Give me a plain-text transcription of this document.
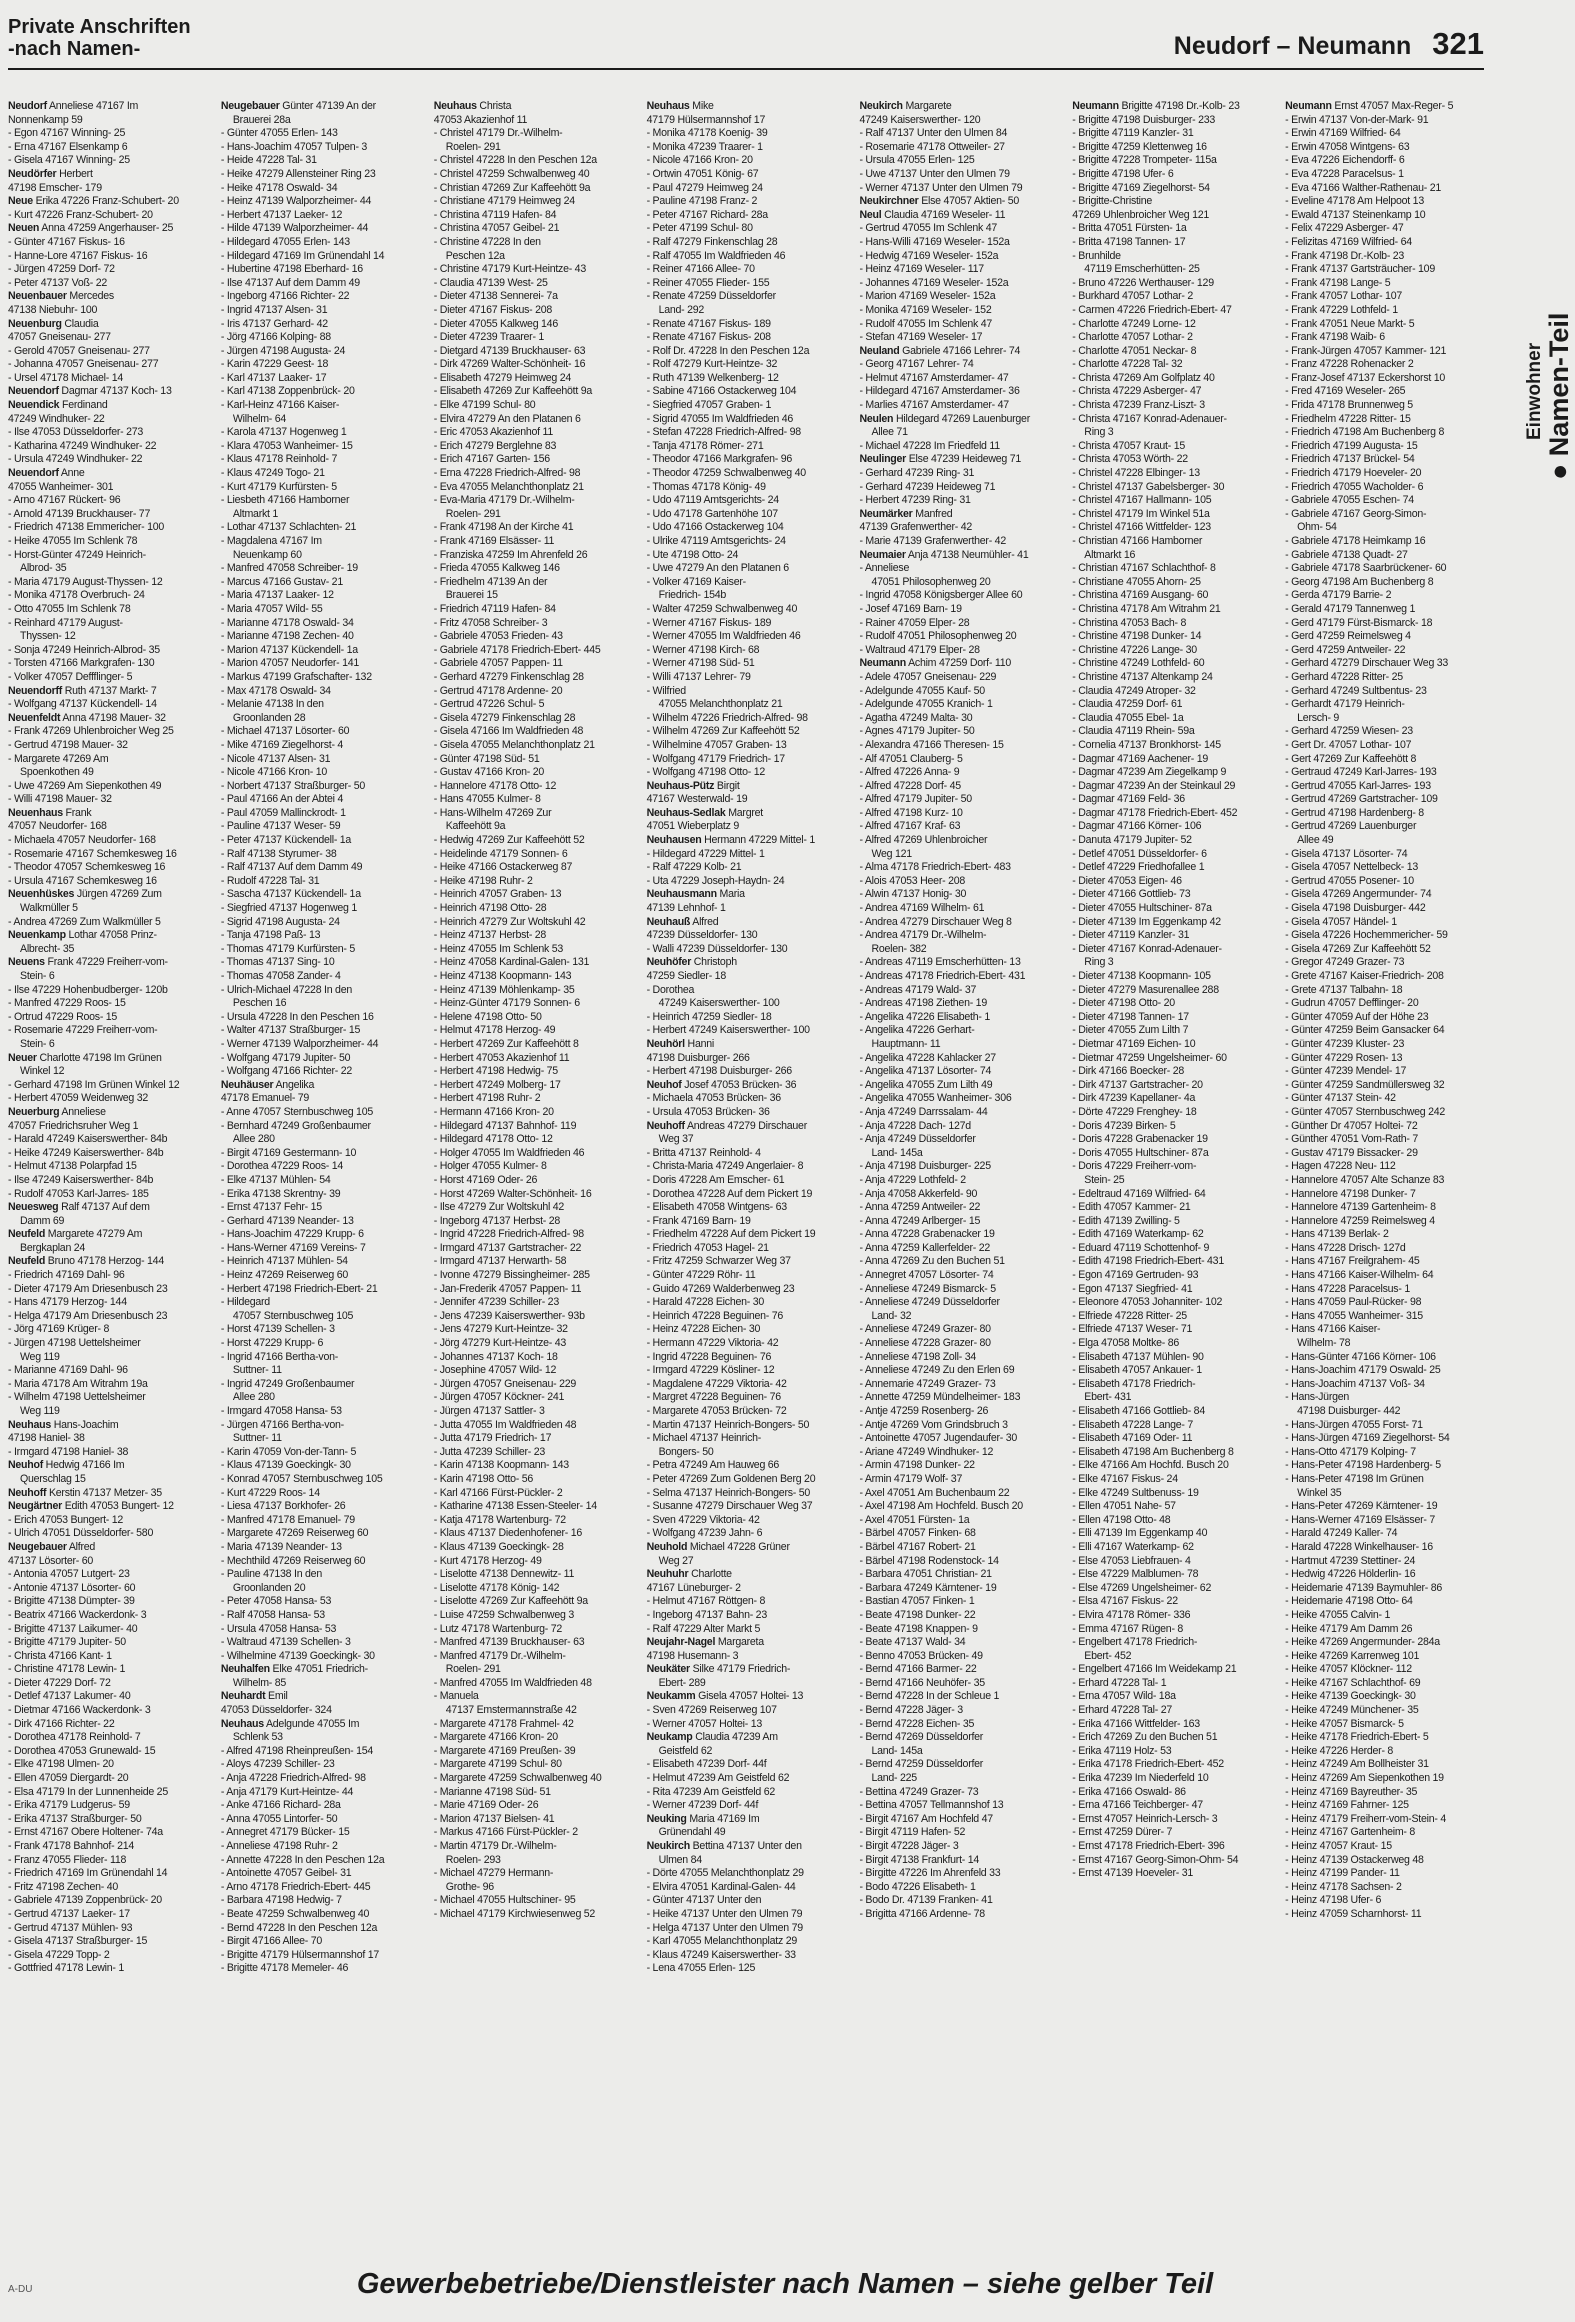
Private Anschriften
-nach Namen-	Neudorf – Neumann 321
Einwohner ● Namen-Teil
Neudorf Anneliese 47167 Im
Nonnenkamp 59
- Egon 47167 Winning- 25
- Erna 47167 Elsenkamp 6
- Gisela 47167 Winning- 25
Neudörfer Herbert
47198 Emscher- 179
Neue Erika 47226 Franz-Schubert- 20
- Kurt 47226 Franz-Schubert- 20
Neuen Anna 47259 Angerhauser- 25
- Günter 47167 Fiskus- 16
- Hanne-Lore 47167 Fiskus- 16
- Jürgen 47259 Dorf- 72
- Peter 47137 Voß- 22
Neuenbauer Mercedes
47138 Niebuhr- 100
Neuenburg Claudia
47057 Gneisenau- 277
- Gerold 47057 Gneisenau- 277
- Johanna 47057 Gneisenau- 277
- Ursel 47178 Michael- 14
Neuendorf Dagmar 47137 Koch- 13
Neuendick Ferdinand
47249 Windhuker- 22
- Ilse 47053 Düsseldorfer- 273
- Katharina 47249 Windhuker- 22
- Ursula 47249 Windhuker- 22
Neuendorf Anne
47055 Wanheimer- 301
- Arno 47167 Rückert- 96
- Arnold 47139 Bruckhauser- 77
- Friedrich 47138 Emmericher- 100
- Heike 47055 Im Schlenk 78
- Horst-Günter 47249 Heinrich-
Albrod- 35
- Maria 47179 August-Thyssen- 12
- Monika 47178 Overbruch- 24
- Otto 47055 Im Schlenk 78
- Reinhard 47179 August-
Thyssen- 12
- Sonja 47249 Heinrich-Albrod- 35
- Torsten 47166 Markgrafen- 130
- Volker 47057 Deffflinger- 5
Neuendorff Ruth 47137 Markt- 7
- Wolfgang 47137 Kückendell- 14
Neuenfeldt Anna 47198 Mauer- 32
- Frank 47269 Uhlenbroicher Weg 25
- Gertrud 47198 Mauer- 32
- Margarete 47269 Am
Spoenkothen 49
- Uwe 47269 Am Siepenkothen 49
- Willi 47198 Mauer- 32
Neuenhaus Frank
47057 Neudorfer- 168
- Michaela 47057 Neudorfer- 168
- Rosemarie 47167 Schemkesweg 16
- Theodor 47057 Schemkesweg 16
- Ursula 47167 Schemkesweg 16
Neuenhüskes Jürgen 47269 Zum
Walkmüller 5
- Andrea 47269 Zum Walkmüller 5
Neuenkamp Lothar 47058 Prinz-
Albrecht- 35
Neuens Frank 47229 Freiherr-vom-
Stein- 6
- Ilse 47229 Hohenbudberger- 120b
- Manfred 47229 Roos- 15
- Ortrud 47229 Roos- 15
- Rosemarie 47229 Freiherr-vom-
Stein- 6
Neuer Charlotte 47198 Im Grünen
Winkel 12
- Gerhard 47198 Im Grünen Winkel 12
- Herbert 47059 Weidenweg 32
Neuerburg Anneliese
47057 Friedrichsruher Weg 1
- Harald 47249 Kaiserswerther- 84b
- Heike 47249 Kaiserswerther- 84b
- Helmut 47138 Polarpfad 15
- Ilse 47249 Kaiserswerther- 84b
- Rudolf 47053 Karl-Jarres- 185
Neuesweg Ralf 47137 Auf dem
Damm 69
Neufeld Margarete 47279 Am
Bergkaplan 24
Neufeld Bruno 47178 Herzog- 144
- Friedrich 47169 Dahl- 96
- Dieter 47179 Am Driesenbusch 23
- Hans 47179 Herzog- 144
- Helga 47179 Am Driesenbusch 23
- Jörg 47169 Krüger- 8
- Jürgen 47198 Uettelsheimer
Weg 119
- Marianne 47169 Dahl- 96
- Maria 47178 Am Witrahm 19a
- Wilhelm 47198 Uettelsheimer
Weg 119
Neuhaus Hans-Joachim
47198 Haniel- 38
- Irmgard 47198 Haniel- 38
Neuhof Hedwig 47166 Im
Querschlag 15
Neuhoff Kerstin 47137 Metzer- 35
Neugärtner Edith 47053 Bungert- 12
- Erich 47053 Bungert- 12
- Ulrich 47051 Düsseldorfer- 580
Neugebauer Alfred
47137 Lösorter- 60
- Antonia 47057 Lutgert- 23
- Antonie 47137 Lösorter- 60
- Brigitte 47138 Dümpter- 39
- Beatrix 47166 Wackerdonk- 3
- Brigitte 47137 Laikumer- 40
- Brigitte 47179 Jupiter- 50
- Christa 47166 Kant- 1
- Christine 47178 Lewin- 1
- Dieter 47229 Dorf- 72
- Detlef 47137 Lakumer- 40
- Dietmar 47166 Wackerdonk- 3
- Dirk 47166 Richter- 22
- Dorothea 47178 Reinhold- 7
- Dorothea 47053 Grunewald- 15
- Elke 47198 Ulmen- 20
- Ellen 47059 Diergardt- 20
- Elsa 47179 In der Lunnenheide 25
- Erika 47179 Ludgerus- 59
- Erika 47137 Straßburger- 50
- Ernst 47167 Obere Holtener- 74a
- Frank 47178 Bahnhof- 214
- Franz 47055 Flieder- 118
- Friedrich 47169 Im Grünendahl 14
- Fritz 47198 Zechen- 40
- Gabriele 47139 Zoppenbrück- 20
- Gertrud 47137 Laeker- 17
- Gertrud 47137 Mühlen- 93
- Gisela 47137 Straßburger- 15
- Gisela 47229 Topp- 2
- Gottfried 47178 Lewin- 1
Neugebauer Günter 47139 An der
Brauerei 28a
- Günter 47055 Erlen- 143
- Hans-Joachim 47057 Tulpen- 3
- Heide 47228 Tal- 31
- Heike 47279 Allensteiner Ring 23
- Heike 47178 Oswald- 34
- Heinz 47139 Walporzheimer- 44
- Herbert 47137 Laeker- 12
- Hilde 47139 Walporzheimer- 44
- Hildegard 47055 Erlen- 143
- Hildegard 47169 Im Grünendahl 14
- Hubertine 47198 Eberhard- 16
- Ilse 47137 Auf dem Damm 49
- Ingeborg 47166 Richter- 22
- Ingrid 47137 Alsen- 31
- Iris 47137 Gerhard- 42
- Jörg 47166 Kolping- 88
- Jürgen 47198 Augusta- 24
- Karin 47229 Geest- 18
- Karl 47137 Laaker- 17
- Karl 47138 Zoppenbrück- 20
- Karl-Heinz 47166 Kaiser-
Wilhelm- 64
- Karola 47137 Hogenweg 1
- Klara 47053 Wanheimer- 15
- Klaus 47178 Reinhold- 7
- Klaus 47249 Togo- 21
- Kurt 47179 Kurfürsten- 5
- Liesbeth 47166 Hamborner
Altmarkt 1
- Lothar 47137 Schlachten- 21
- Magdalena 47167 Im
Neuenkamp 60
- Manfred 47058 Schreiber- 19
- Marcus 47166 Gustav- 21
- Maria 47137 Laaker- 12
- Maria 47057 Wild- 55
- Marianne 47178 Oswald- 34
- Marianne 47198 Zechen- 40
- Marion 47137 Kückendell- 1a
- Marion 47057 Neudorfer- 141
- Markus 47199 Grafschafter- 132
- Max 47178 Oswald- 34
- Melanie 47138 In den
Groonlanden 28
- Michael 47137 Lösorter- 60
- Mike 47169 Ziegelhorst- 4
- Nicole 47137 Alsen- 31
- Nicole 47166 Kron- 10
- Norbert 47137 Straßburger- 50
- Paul 47166 An der Abtei 4
- Paul 47059 Mallinckrodt- 1
- Pauline 47137 Weser- 59
- Peter 47137 Kückendell- 1a
- Ralf 47138 Styrumer- 38
- Ralf 47137 Auf dem Damm 49
- Rudolf 47228 Tal- 31
- Sascha 47137 Kückendell- 1a
- Siegfried 47137 Hogenweg 1
- Sigrid 47198 Augusta- 24
- Tanja 47198 Paß- 13
- Thomas 47179 Kurfürsten- 5
- Thomas 47137 Sing- 10
- Thomas 47058 Zander- 4
- Ulrich-Michael 47228 In den
Peschen 16
- Ursula 47228 In den Peschen 16
- Walter 47137 Straßburger- 15
- Werner 47139 Walporzheimer- 44
- Wolfgang 47179 Jupiter- 50
- Wolfgang 47166 Richter- 22
Neuhäuser Angelika
47178 Emanuel- 79
- Anne 47057 Sternbuschweg 105
- Bernhard 47249 Großenbaumer
Allee 280
- Birgit 47169 Gestermann- 10
- Dorothea 47229 Roos- 14
- Elke 47137 Mühlen- 54
- Erika 47138 Skrentny- 39
- Ernst 47137 Fehr- 15
- Gerhard 47139 Neander- 13
- Hans-Joachim 47229 Krupp- 6
- Hans-Werner 47169 Vereins- 7
- Heinrich 47137 Mühlen- 54
- Heinz 47269 Reiserweg 60
- Herbert 47198 Friedrich-Ebert- 21
- Hildegard
47057 Sternbuschweg 105
- Horst 47139 Schellen- 3
- Horst 47229 Krupp- 6
- Ingrid 47166 Bertha-von-
Suttner- 11
- Ingrid 47249 Großenbaumer
Allee 280
- Irmgard 47058 Hansa- 53
- Jürgen 47166 Bertha-von-
Suttner- 11
- Karin 47059 Von-der-Tann- 5
- Klaus 47139 Goeckingk- 30
- Konrad 47057 Sternbuschweg 105
- Kurt 47229 Roos- 14
- Liesa 47137 Borkhofer- 26
- Manfred 47178 Emanuel- 79
- Margarete 47269 Reiserweg 60
- Maria 47139 Neander- 13
- Mechthild 47269 Reiserweg 60
- Pauline 47138 In den
Groonlanden 20
- Peter 47058 Hansa- 53
- Ralf 47058 Hansa- 53
- Ursula 47058 Hansa- 53
- Waltraud 47139 Schellen- 3
- Wilhelmine 47139 Goeckingk- 30
Neuhalfen Elke 47051 Friedrich-
Wilhelm- 85
Neuhardt Emil
47053 Düsseldorfer- 324
Neuhaus Adelgunde 47055 Im
Schlenk 53
- Alfred 47198 Rheinpreußen- 154
- Aloys 47239 Schiller- 23
- Anja 47228 Friedrich-Alfred- 98
- Anja 47179 Kurt-Heintze- 44
- Anke 47166 Richard- 28a
- Anna 47055 Lintorfer- 50
- Annegret 47179 Bücker- 15
- Anneliese 47198 Ruhr- 2
- Annette 47228 In den Peschen 12a
- Antoinette 47057 Geibel- 31
- Arno 47178 Friedrich-Ebert- 445
- Barbara 47198 Hedwig- 7
- Beate 47259 Schwalbenweg 40
- Bernd 47228 In den Peschen 12a
- Birgit 47166 Allee- 70
- Brigitte 47179 Hülsermannshof 17
- Brigitte 47178 Memeler- 46
Neuhaus Christa
47053 Akazienhof 11
- Christel 47179 Dr.-Wilhelm-
Roelen- 291
- Christel 47228 In den Peschen 12a
- Christel 47259 Schwalbenweg 40
- Christian 47269 Zur Kaffeehött 9a
- Christiane 47179 Heimweg 24
- Christina 47119 Hafen- 84
- Christina 47057 Geibel- 21
- Christine 47228 In den
Peschen 12a
- Christine 47179 Kurt-Heintze- 43
- Claudia 47139 West- 25
- Dieter 47138 Sennerei- 7a
- Dieter 47167 Fiskus- 208
- Dieter 47055 Kalkweg 146
- Dieter 47239 Traarer- 1
- Dietgard 47139 Bruckhauser- 63
- Dirk 47269 Walter-Schönheit- 16
- Elisabeth 47279 Heimweg 24
- Elisabeth 47269 Zur Kaffeehött 9a
- Elke 47199 Schul- 80
- Elvira 47279 An den Platanen 6
- Eric 47053 Akazienhof 11
- Erich 47279 Berglehne 83
- Erich 47167 Garten- 156
- Erna 47228 Friedrich-Alfred- 98
- Eva 47055 Melanchthonplatz 21
- Eva-Maria 47179 Dr.-Wilhelm-
Roelen- 291
- Frank 47198 An der Kirche 41
- Frank 47169 Elsässer- 11
- Franziska 47259 Im Ahrenfeld 26
- Frieda 47055 Kalkweg 146
- Friedhelm 47139 An der
Brauerei 15
- Friedrich 47119 Hafen- 84
- Fritz 47058 Schreiber- 3
- Gabriele 47053 Frieden- 43
- Gabriele 47178 Friedrich-Ebert- 445
- Gabriele 47057 Pappen- 11
- Gerhard 47279 Finkenschlag 28
- Gertrud 47178 Ardenne- 20
- Gertrud 47226 Schul- 5
- Gisela 47279 Finkenschlag 28
- Gisela 47166 Im Waldfrieden 48
- Gisela 47055 Melanchthonplatz 21
- Günter 47198 Süd- 51
- Gustav 47166 Kron- 20
- Hannelore 47178 Otto- 12
- Hans 47055 Kulmer- 8
- Hans-Wilhelm 47269 Zur
Kaffeehött 9a
- Hedwig 47269 Zur Kaffeehött 52
- Heidelinde 47179 Sonnen- 6
- Heike 47166 Ostackerweg 87
- Heike 47198 Ruhr- 2
- Heinrich 47057 Graben- 13
- Heinrich 47198 Otto- 28
- Heinrich 47279 Zur Woltskuhl 42
- Heinz 47137 Herbst- 28
- Heinz 47055 Im Schlenk 53
- Heinz 47058 Kardinal-Galen- 131
- Heinz 47138 Koopmann- 143
- Heinz 47139 Möhlenkamp- 35
- Heinz-Günter 47179 Sonnen- 6
- Helene 47198 Otto- 50
- Helmut 47178 Herzog- 49
- Herbert 47269 Zur Kaffeehött 8
- Herbert 47053 Akazienhof 11
- Herbert 47198 Hedwig- 75
- Herbert 47249 Molberg- 17
- Herbert 47198 Ruhr- 2
- Hermann 47166 Kron- 20
- Hildegard 47137 Bahnhof- 119
- Hildegard 47178 Otto- 12
- Holger 47055 Im Waldfrieden 46
- Holger 47055 Kulmer- 8
- Horst 47169 Oder- 26
- Horst 47269 Walter-Schönheit- 16
- Ilse 47279 Zur Woltskuhl 42
- Ingeborg 47137 Herbst- 28
- Ingrid 47228 Friedrich-Alfred- 98
- Irmgard 47137 Gartstracher- 22
- Irmgard 47137 Herwarth- 58
- Ivonne 47279 Bissingheimer- 285
- Jan-Frederik 47057 Pappen- 11
- Jennifer 47239 Schiller- 23
- Jens 47239 Kaiserswerther- 93b
- Jens 47279 Kurt-Heintze- 32
- Jörg 47279 Kurt-Heintze- 43
- Johannes 47137 Koch- 18
- Josephine 47057 Wild- 12
- Jürgen 47057 Gneisenau- 229
- Jürgen 47057 Köckner- 241
- Jürgen 47137 Sattler- 3
- Jutta 47055 Im Waldfrieden 48
- Jutta 47179 Friedrich- 17
- Jutta 47239 Schiller- 23
- Karin 47138 Koopmann- 143
- Karin 47198 Otto- 56
- Karl 47166 Fürst-Pückler- 2
- Katharine 47138 Essen-Steeler- 14
- Katja 47178 Wartenburg- 72
- Klaus 47137 Diedenhofener- 16
- Klaus 47139 Goeckingk- 28
- Kurt 47178 Herzog- 49
- Liselotte 47138 Dennewitz- 11
- Liselotte 47178 König- 142
- Liselotte 47269 Zur Kaffeehött 9a
- Luise 47259 Schwalbenweg 3
- Lutz 47178 Wartenburg- 72
- Manfred 47139 Bruckhauser- 63
- Manfred 47179 Dr.-Wilhelm-
Roelen- 291
- Manfred 47055 Im Waldfrieden 48
- Manuela
47137 Emstermannstraße 42
- Margarete 47178 Frahmel- 42
- Margarete 47166 Kron- 20
- Margarete 47169 Preußen- 39
- Margarete 47199 Schul- 80
- Margarete 47259 Schwalbenweg 40
- Marianne 47198 Süd- 51
- Marie 47169 Oder- 26
- Marion 47137 Bielsen- 41
- Markus 47166 Fürst-Pückler- 2
- Martin 47179 Dr.-Wilhelm-
Roelen- 293
- Michael 47279 Hermann-
Grothe- 96
- Michael 47055 Hultschiner- 95
- Michael 47179 Kirchwiesenweg 52
Neuhaus Mike
47179 Hülsermannshof 17
- Monika 47178 Koenig- 39
- Monika 47239 Traarer- 1
- Nicole 47166 Kron- 20
- Ortwin 47051 König- 67
- Paul 47279 Heimweg 24
- Pauline 47198 Franz- 2
- Peter 47167 Richard- 28a
- Peter 47199 Schul- 80
- Ralf 47279 Finkenschlag 28
- Ralf 47055 Im Waldfrieden 46
- Reiner 47166 Allee- 70
- Reiner 47055 Flieder- 155
- Renate 47259 Düsseldorfer
Land- 292
- Renate 47167 Fiskus- 189
- Renate 47167 Fiskus- 208
- Rolf Dr. 47228 In den Peschen 12a
- Rolf 47279 Kurt-Heintze- 32
- Ruth 47139 Welkenberg- 12
- Sabine 47166 Ostackerweg 104
- Siegfried 47057 Graben- 1
- Sigrid 47055 Im Waldfrieden 46
- Stefan 47228 Friedrich-Alfred- 98
- Tanja 47178 Römer- 271
- Theodor 47166 Markgrafen- 96
- Theodor 47259 Schwalbenweg 40
- Thomas 47178 König- 49
- Udo 47119 Amtsgerichts- 24
- Udo 47178 Gartenhöhe 107
- Udo 47166 Ostackerweg 104
- Ulrike 47119 Amtsgerichts- 24
- Ute 47198 Otto- 24
- Uwe 47279 An den Platanen 6
- Volker 47169 Kaiser-
Friedrich- 154b
- Walter 47259 Schwalbenweg 40
- Werner 47167 Fiskus- 189
- Werner 47055 Im Waldfrieden 46
- Werner 47198 Kirch- 68
- Werner 47198 Süd- 51
- Willi 47137 Lehrer- 79
- Wilfried
47055 Melanchthonplatz 21
- Wilhelm 47226 Friedrich-Alfred- 98
- Wilhelm 47269 Zur Kaffeehött 52
- Wilhelmine 47057 Graben- 13
- Wolfgang 47179 Friedrich- 17
- Wolfgang 47198 Otto- 12
Neuhaus-Pütz Birgit
47167 Westerwald- 19
Neuhaus-Sedlak Margret
47051 Wieberplatz 9
Neuhausen Hermann 47229 Mittel- 1
- Hildegard 47229 Mittel- 1
- Ralf 47229 Kolb- 21
- Uta 47229 Joseph-Haydn- 24
Neuhausmann Maria
47139 Lehnhof- 1
Neuhauß Alfred
47239 Düsseldorfer- 130
- Walli 47239 Düsseldorfer- 130
Neuhöfer Christoph
47259 Siedler- 18
- Dorothea
47249 Kaiserswerther- 100
- Heinrich 47259 Siedler- 18
- Herbert 47249 Kaiserswerther- 100
Neuhörl Hanni
47198 Duisburger- 266
- Herbert 47198 Duisburger- 266
Neuhof Josef 47053 Brücken- 36
- Michaela 47053 Brücken- 36
- Ursula 47053 Brücken- 36
Neuhoff Andreas 47279 Dirschauer
Weg 37
- Britta 47137 Reinhold- 4
- Christa-Maria 47249 Angerlaier- 8
- Doris 47228 Am Emscher- 61
- Dorothea 47228 Auf dem Pickert 19
- Elisabeth 47058 Wintgens- 63
- Frank 47169 Barn- 19
- Friedhelm 47228 Auf dem Pickert 19
- Friedrich 47053 Hagel- 21
- Fritz 47259 Schwarzer Weg 37
- Günter 47229 Röhr- 11
- Guido 47269 Walderbenweg 23
- Harald 47228 Eichen- 30
- Heinrich 47228 Beguinen- 76
- Heinz 47228 Eichen- 30
- Hermann 47229 Viktoria- 42
- Ingrid 47228 Beguinen- 76
- Irmgard 47229 Kösliner- 12
- Magdalene 47229 Viktoria- 42
- Margret 47228 Beguinen- 76
- Margarete 47053 Brücken- 72
- Martin 47137 Heinrich-Bongers- 50
- Michael 47137 Heinrich-
Bongers- 50
- Petra 47249 Am Hauweg 66
- Peter 47269 Zum Goldenen Berg 20
- Selma 47137 Heinrich-Bongers- 50
- Susanne 47279 Dirschauer Weg 37
- Sven 47229 Viktoria- 42
- Wolfgang 47239 Jahn- 6
Neuhold Michael 47228 Grüner
Weg 27
Neuhuhr Charlotte
47167 Lüneburger- 2
- Helmut 47167 Röttgen- 8
- Ingeborg 47137 Bahn- 23
- Ralf 47229 Alter Markt 5
Neujahr-Nagel Margareta
47198 Husemann- 3
Neukäter Silke 47179 Friedrich-
Ebert- 289
Neukamm Gisela 47057 Holtei- 13
- Sven 47269 Reiserweg 107
- Werner 47057 Holtei- 13
Neukamp Claudia 47239 Am
Geistfeld 62
- Elisabeth 47239 Dorf- 44f
- Helmut 47239 Am Geistfeld 62
- Rita 47239 Am Geistfeld 62
- Werner 47239 Dorf- 44f
Neuking Maria 47169 Im
Grünendahl 49
Neukirch Bettina 47137 Unter den
Ulmen 84
- Dörte 47055 Melanchthonplatz 29
- Elvira 47051 Kardinal-Galen- 44
- Günter 47137 Unter den
- Heike 47137 Unter den Ulmen 79
- Helga 47137 Unter den Ulmen 79
- Karl 47055 Melanchthonplatz 29
- Klaus 47249 Kaiserswerther- 33
- Lena 47055 Erlen- 125
Neukirch Margarete
47249 Kaiserswerther- 120
- Ralf 47137 Unter den Ulmen 84
- Rosemarie 47178 Ottweiler- 27
- Ursula 47055 Erlen- 125
- Uwe 47137 Unter den Ulmen 79
- Werner 47137 Unter den Ulmen 79
Neukirchner Else 47057 Aktien- 50
Neul Claudia 47169 Weseler- 11
- Gertrud 47055 Im Schlenk 47
- Hans-Willi 47169 Weseler- 152a
- Hedwig 47169 Weseler- 152a
- Heinz 47169 Weseler- 117
- Johannes 47169 Weseler- 152a
- Marion 47169 Weseler- 152a
- Monika 47169 Weseler- 152
- Rudolf 47055 Im Schlenk 47
- Stefan 47169 Weseler- 17
Neuland Gabriele 47166 Lehrer- 74
- Georg 47167 Lehrer- 74
- Helmut 47167 Amsterdamer- 47
- Hildegard 47167 Amsterdamer- 36
- Marlies 47167 Amsterdamer- 47
Neulen Hildegard 47269 Lauenburger
Allee 71
- Michael 47228 Im Friedfeld 11
Neulinger Else 47239 Heideweg 71
- Gerhard 47239 Ring- 31
- Gerhard 47239 Heideweg 71
- Herbert 47239 Ring- 31
Neumärker Manfred
47139 Grafenwerther- 42
- Marie 47139 Grafenwerther- 42
Neumaier Anja 47138 Neumühler- 41
- Anneliese
47051 Philosophenweg 20
- Ingrid 47058 Königsberger Allee 60
- Josef 47169 Barn- 19
- Rainer 47059 Elper- 28
- Rudolf 47051 Philosophenweg 20
- Waltraud 47179 Elper- 28
Neumann Achim 47259 Dorf- 110
- Adele 47057 Gneisenau- 229
- Adelgunde 47055 Kauf- 50
- Adelgunde 47055 Kranich- 1
- Agatha 47249 Malta- 30
- Agnes 47179 Jupiter- 50
- Alexandra 47166 Theresen- 15
- Alf 47051 Clauberg- 5
- Alfred 47226 Anna- 9
- Alfred 47228 Dorf- 45
- Alfred 47179 Jupiter- 50
- Alfred 47198 Kurz- 10
- Alfred 47167 Kraf- 63
- Alfred 47269 Uhlenbroicher
Weg 121
- Alma 47178 Friedrich-Ebert- 483
- Alois 47053 Heer- 208
- Alwin 47137 Honig- 30
- Andrea 47169 Wilhelm- 61
- Andrea 47279 Dirschauer Weg 8
- Andrea 47179 Dr.-Wilhelm-
Roelen- 382
- Andreas 47119 Emscherhütten- 13
- Andreas 47178 Friedrich-Ebert- 431
- Andreas 47179 Wald- 37
- Andreas 47198 Ziethen- 19
- Angelika 47226 Elisabeth- 1
- Angelika 47226 Gerhart-
Hauptmann- 11
- Angelika 47228 Kahlacker 27
- Angelika 47137 Lösorter- 74
- Angelika 47055 Zum Lilth 49
- Angelika 47055 Wanheimer- 306
- Anja 47249 Darrssalam- 44
- Anja 47228 Dach- 127d
- Anja 47249 Düsseldorfer
Land- 145a
- Anja 47198 Duisburger- 225
- Anja 47229 Lothfeld- 2
- Anja 47058 Akkerfeld- 90
- Anna 47259 Antweiler- 22
- Anna 47249 Arlberger- 15
- Anna 47228 Grabenacker 19
- Anna 47259 Kallerfelder- 22
- Anna 47269 Zu den Buchen 51
- Annegret 47057 Lösorter- 74
- Anneliese 47249 Bismarck- 5
- Anneliese 47249 Düsseldorfer
Land- 32
- Anneliese 47249 Grazer- 80
- Anneliese 47228 Grazer- 80
- Anneliese 47198 Zoll- 34
- Anneliese 47249 Zu den Erlen 69
- Annemarie 47249 Grazer- 73
- Annette 47259 Mündelheimer- 183
- Antje 47259 Rosenberg- 26
- Antje 47269 Vom Grindsbruch 3
- Antoinette 47057 Jugendaufer- 30
- Ariane 47249 Windhuker- 12
- Armin 47198 Dunker- 22
- Armin 47179 Wolf- 37
- Axel 47051 Am Buchenbaum 22
- Axel 47198 Am Hochfeld. Busch 20
- Axel 47051 Fürsten- 1a
- Bärbel 47057 Finken- 68
- Bärbel 47167 Robert- 21
- Bärbel 47198 Rodenstock- 14
- Barbara 47051 Christian- 21
- Barbara 47249 Kärntener- 19
- Bastian 47057 Finken- 1
- Beate 47198 Dunker- 22
- Beate 47198 Knappen- 9
- Beate 47137 Wald- 34
- Benno 47053 Brücken- 49
- Bernd 47166 Barmer- 22
- Bernd 47166 Neuhöfer- 35
- Bernd 47228 In der Schleue 1
- Bernd 47228 Jäger- 3
- Bernd 47228 Eichen- 35
- Bernd 47269 Düsseldorfer
Land- 145a
- Bernd 47259 Düsseldorfer
Land- 225
- Bettina 47249 Grazer- 73
- Bettina 47057 Tellmannshof 13
- Birgit 47167 Am Hochfeld 47
- Birgit 47119 Hafen- 52
- Birgit 47228 Jäger- 3
- Birgit 47138 Frankfurt- 14
- Birgitte 47226 Im Ahrenfeld 33
- Bodo 47226 Elisabeth- 1
- Bodo Dr. 47139 Franken- 41
- Brigitta 47166 Ardenne- 78
Neumann Brigitte 47198 Dr.-Kolb- 23
- Brigitte 47198 Duisburger- 233
- Brigitte 47119 Kanzler- 31
- Brigitte 47259 Klettenweg 16
- Brigitte 47228 Trompeter- 115a
- Brigitte 47198 Ufer- 6
- Brigitte 47169 Ziegelhorst- 54
- Brigitte-Christine
47269 Uhlenbroicher Weg 121
- Britta 47051 Fürsten- 1a
- Britta 47198 Tannen- 17
- Brunhilde
47119 Emscherhütten- 25
- Bruno 47226 Werthauser- 129
- Burkhard 47057 Lothar- 2
- Carmen 47226 Friedrich-Ebert- 47
- Charlotte 47249 Lorne- 12
- Charlotte 47057 Lothar- 2
- Charlotte 47051 Neckar- 8
- Charlotte 47228 Tal- 32
- Christa 47269 Am Golfplatz 40
- Christa 47229 Asberger- 47
- Christa 47239 Franz-Liszt- 3
- Christa 47167 Konrad-Adenauer-
Ring 3
- Christa 47057 Kraut- 15
- Christa 47053 Wörth- 22
- Christel 47228 Elbinger- 13
- Christel 47137 Gabelsberger- 30
- Christel 47167 Hallmann- 105
- Christel 47179 Im Winkel 51a
- Christel 47166 Wittfelder- 123
- Christian 47166 Hamborner
Altmarkt 16
- Christian 47167 Schlachthof- 8
- Christiane 47055 Ahorn- 25
- Christina 47169 Ausgang- 60
- Christina 47178 Am Witrahm 21
- Christina 47053 Bach- 8
- Christine 47198 Dunker- 14
- Christine 47226 Lange- 30
- Christine 47249 Lothfeld- 60
- Christine 47137 Altenkamp 24
- Claudia 47249 Atroper- 32
- Claudia 47259 Dorf- 61
- Claudia 47055 Ebel- 1a
- Claudia 47119 Rhein- 59a
- Cornelia 47137 Bronkhorst- 145
- Dagmar 47169 Aachener- 19
- Dagmar 47239 Am Ziegelkamp 9
- Dagmar 47239 An der Steinkaul 29
- Dagmar 47169 Feld- 36
- Dagmar 47178 Friedrich-Ebert- 452
- Dagmar 47166 Körner- 106
- Danuta 47179 Jupiter- 52
- Detlef 47051 Düsseldorfer- 6
- Detlef 47229 Friedhofallee 1
- Dieter 47053 Eigen- 46
- Dieter 47166 Gottlieb- 73
- Dieter 47055 Hultschiner- 87a
- Dieter 47139 Im Eggenkamp 42
- Dieter 47119 Kanzler- 31
- Dieter 47167 Konrad-Adenauer-
Ring 3
- Dieter 47138 Koopmann- 105
- Dieter 47279 Masurenallee 288
- Dieter 47198 Otto- 20
- Dieter 47198 Tannen- 17
- Dieter 47055 Zum Lilth 7
- Dietmar 47169 Eichen- 10
- Dietmar 47259 Ungelsheimer- 60
- Dirk 47166 Boecker- 28
- Dirk 47137 Gartstracher- 20
- Dirk 47239 Kapellaner- 4a
- Dörte 47229 Frenghey- 18
- Doris 47239 Birken- 5
- Doris 47228 Grabenacker 19
- Doris 47055 Hultschiner- 87a
- Doris 47229 Freiherr-vom-
Stein- 25
- Edeltraud 47169 Wilfried- 64
- Edith 47057 Kammer- 21
- Edith 47139 Zwilling- 5
- Edith 47169 Waterkamp- 62
- Eduard 47119 Schottenhof- 9
- Edith 47198 Friedrich-Ebert- 431
- Egon 47169 Gertruden- 93
- Egon 47137 Siegfried- 41
- Eleonore 47053 Johanniter- 102
- Elfriede 47228 Ritter- 25
- Elfriede 47137 Weser- 71
- Elga 47058 Moltke- 86
- Elisabeth 47137 Mühlen- 90
- Elisabeth 47057 Ankauer- 1
- Elisabeth 47178 Friedrich-
Ebert- 431
- Elisabeth 47166 Gottlieb- 84
- Elisabeth 47228 Lange- 7
- Elisabeth 47169 Oder- 11
- Elisabeth 47198 Am Buchenberg 8
- Elke 47166 Am Hochfd. Busch 20
- Elke 47167 Fiskus- 24
- Elke 47249 Sultbenuss- 19
- Ellen 47051 Nahe- 57
- Ellen 47198 Otto- 48
- Elli 47139 Im Eggenkamp 40
- Elli 47167 Waterkamp- 62
- Else 47053 Liebfrauen- 4
- Else 47229 Malblumen- 78
- Else 47269 Ungelsheimer- 62
- Elsa 47167 Fiskus- 22
- Elvira 47178 Römer- 336
- Emma 47167 Rügen- 8
- Engelbert 47178 Friedrich-
Ebert- 452
- Engelbert 47166 Im Weidekamp 21
- Erhard 47228 Tal- 1
- Erna 47057 Wild- 18a
- Erhard 47228 Tal- 27
- Erika 47166 Wittfelder- 163
- Erich 47269 Zu den Buchen 51
- Erika 47119 Holz- 53
- Erika 47178 Friedrich-Ebert- 452
- Erika 47239 Im Niederfeld 10
- Erika 47166 Oswald- 86
- Erna 47166 Teichberger- 47
- Ernst 47057 Heinrich-Lersch- 3
- Ernst 47259 Dürer- 7
- Ernst 47178 Friedrich-Ebert- 396
- Ernst 47167 Georg-Simon-Ohm- 54
- Ernst 47139 Hoeveler- 31
Neumann Ernst 47057 Max-Reger- 5
- Erwin 47137 Von-der-Mark- 91
- Erwin 47169 Wilfried- 64
- Erwin 47058 Wintgens- 63
- Eva 47226 Eichendorff- 6
- Eva 47228 Paracelsus- 1
- Eva 47166 Walther-Rathenau- 21
- Eveline 47178 Am Helpoot 13
- Ewald 47137 Steinenkamp 10
- Felix 47229 Asberger- 47
- Felizitas 47169 Wilfried- 64
- Frank 47198 Dr.-Kolb- 23
- Frank 47137 Gartsträucher- 109
- Frank 47198 Lange- 5
- Frank 47057 Lothar- 107
- Frank 47229 Lothfeld- 1
- Frank 47051 Neue Markt- 5
- Frank 47198 Waib- 6
- Frank-Jürgen 47057 Kammer- 121
- Franz 47228 Rohenacker 2
- Franz-Josef 47137 Eckershorst 10
- Fred 47169 Weseler- 265
- Frida 47178 Brunnenweg 5
- Friedhelm 47228 Ritter- 15
- Friedrich 47198 Am Buchenberg 8
- Friedrich 47199 Augusta- 15
- Friedrich 47137 Brückel- 54
- Friedrich 47179 Hoeveler- 20
- Friedrich 47055 Wacholder- 6
- Gabriele 47055 Eschen- 74
- Gabriele 47167 Georg-Simon-
Ohm- 54
- Gabriele 47178 Heimkamp 16
- Gabriele 47138 Quadt- 27
- Gabriele 47178 Saarbrückener- 60
- Georg 47198 Am Buchenberg 8
- Gerda 47179 Barrie- 2
- Gerald 47179 Tannenweg 1
- Gerd 47179 Fürst-Bismarck- 18
- Gerd 47259 Reimelsweg 4
- Gerd 47259 Antweiler- 22
- Gerhard 47279 Dirschauer Weg 33
- Gerhard 47228 Ritter- 25
- Gerhard 47249 Sultbentus- 23
- Gerhardt 47179 Heinrich-
Lersch- 9
- Gerhard 47259 Wiesen- 23
- Gert Dr. 47057 Lothar- 107
- Gert 47269 Zur Kaffeehött 8
- Gertraud 47249 Karl-Jarres- 193
- Gertrud 47055 Karl-Jarres- 193
- Gertrud 47269 Gartstracher- 109
- Gertrud 47198 Hardenberg- 8
- Gertrud 47269 Lauenburger
Allee 49
- Gisela 47137 Lösorter- 74
- Gisela 47057 Nettelbeck- 13
- Gertrud 47055 Posener- 10
- Gisela 47269 Angermunder- 74
- Gisela 47198 Duisburger- 442
- Gisela 47057 Händel- 1
- Gisela 47226 Hochemmericher- 59
- Gisela 47269 Zur Kaffeehött 52
- Gregor 47249 Grazer- 73
- Grete 47167 Kaiser-Friedrich- 208
- Grete 47137 Talbahn- 18
- Gudrun 47057 Defflinger- 20
- Günter 47059 Auf der Höhe 23
- Günter 47259 Beim Gansacker 64
- Günter 47239 Kluster- 23
- Günter 47229 Rosen- 13
- Günter 47239 Mendel- 17
- Günter 47259 Sandmüllersweg 32
- Günter 47137 Stein- 42
- Günter 47057 Sternbuschweg 242
- Günther Dr 47057 Holtei- 72
- Günther 47051 Vom-Rath- 7
- Gustav 47179 Bissacker- 29
- Hagen 47228 Neu- 112
- Hannelore 47057 Alte Schanze 83
- Hannelore 47198 Dunker- 7
- Hannelore 47139 Gartenheim- 8
- Hannelore 47259 Reimelsweg 4
- Hans 47139 Berlak- 2
- Hans 47228 Drisch- 127d
- Hans 47167 Freilgrahem- 45
- Hans 47166 Kaiser-Wilhelm- 64
- Hans 47228 Paracelsus- 1
- Hans 47059 Paul-Rücker- 98
- Hans 47055 Wanheimer- 315
- Hans 47166 Kaiser-
Wilhelm- 78
- Hans-Günter 47166 Körner- 106
- Hans-Joachim 47179 Oswald- 25
- Hans-Joachim 47137 Voß- 34
- Hans-Jürgen
47198 Duisburger- 442
- Hans-Jürgen 47055 Forst- 71
- Hans-Jürgen 47169 Ziegelhorst- 54
- Hans-Otto 47179 Kolping- 7
- Hans-Peter 47198 Hardenberg- 5
- Hans-Peter 47198 Im Grünen
Winkel 35
- Hans-Peter 47269 Kärntener- 19
- Hans-Werner 47169 Elsässer- 7
- Harald 47249 Kaller- 74
- Harald 47228 Winkelhauser- 16
- Hartmut 47239 Stettiner- 24
- Hedwig 47226 Hölderlin- 16
- Heidemarie 47139 Baymuhler- 86
- Heidemarie 47198 Otto- 64
- Heike 47055 Calvin- 1
- Heike 47179 Am Damm 26
- Heike 47269 Angermunder- 284a
- Heike 47269 Karrenweg 101
- Heike 47057 Klöckner- 112
- Heike 47167 Schlachthof- 69
- Heike 47139 Goeckingk- 30
- Heike 47249 Münchener- 35
- Heike 47057 Bismarck- 5
- Heike 47178 Friedrich-Ebert- 5
- Heike 47226 Herder- 8
- Heinz 47249 Am Bollheister 31
- Heinz 47269 Am Siepenkothen 19
- Heinz 47169 Bayreuther- 35
- Heinz 47169 Fahrner- 125
- Heinz 47179 Freiherr-vom-Stein- 4
- Heinz 47167 Gartenheim- 8
- Heinz 47057 Kraut- 15
- Heinz 47139 Ostackerweg 48
- Heinz 47199 Pander- 11
- Heinz 47178 Sachsen- 2
- Heinz 47198 Ufer- 6
- Heinz 47059 Scharnhorst- 11
A-DU	Gewerbebetriebe/Dienstleister nach Namen – siehe gelber Teil
